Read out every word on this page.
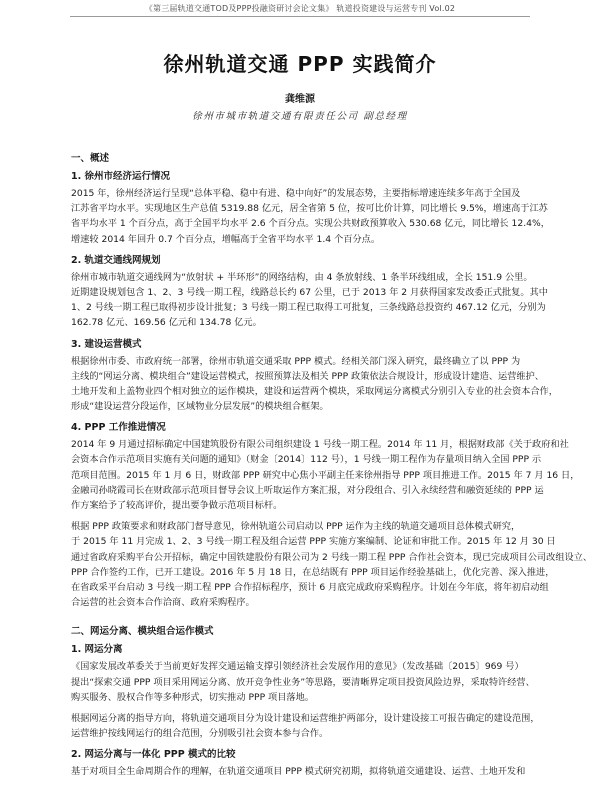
《第三届轨道交通TOD及PPP投融资研讨会论文集》 轨道投资建设与运营专刊 Vol.02
徐州轨道交通 PPP 实践简介
龚维源
徐州市城市轨道交通有限责任公司 副总经理
一、概述
1. 徐州市经济运行情况
2015 年，徐州经济运行呈现“总体平稳、稳中有进、稳中向好”的发展态势，主要指标增速连续多年高于全国及
江苏省平均水平。实现地区生产总值 5319.88 亿元，居全省第 5 位，按可比价计算，同比增长 9.5%，增速高于江苏
省平均水平 1 个百分点，高于全国平均水平 2.6 个百分点。实现公共财政预算收入 530.68 亿元，同比增长 12.4%，
增速较 2014 年回升 0.7 个百分点，增幅高于全省平均水平 1.4 个百分点。
2. 轨道交通线网规划
徐州市城市轨道交通线网为“放射状 + 半环形”的网络结构，由 4 条放射线、1 条半环线组成，全长 151.9 公里。
近期建设规划包含 1、2、3 号线一期工程，线路总长约 67 公里，已于 2013 年 2 月获得国家发改委正式批复。其中
1、2 号线一期工程已取得初步设计批复；3 号线一期工程已取得工可批复，三条线路总投资约 467.12 亿元，分别为
162.78 亿元、169.56 亿元和 134.78 亿元。
3. 建设运营模式
根据徐州市委、市政府统一部署，徐州市轨道交通采取 PPP 模式。经相关部门深入研究，最终确立了以 PPP 为
主线的“网运分离、模块组合”建设运营模式，按照预算法及相关 PPP 政策依法合规设计，形成设计建造、运营维护、
土地开发和上盖物业四个相对独立的运作模块，建设和运营两个模块，采取网运分离模式分别引入专业的社会资本合作，
形成“建设运营分段运作，区域物业分层发展”的模块组合框架。
4. PPP 工作推进情况
2014 年 9 月通过招标确定中国建筑股份有限公司组织建设 1 号线一期工程。2014 年 11 月，根据财政部《关于政府和社
会资本合作示范项目实施有关问题的通知》（财金〔2014〕112 号），1 号线一期工程作为存量项目纳入全国 PPP 示
范项目范围。2015 年 1 月 6 日，财政部 PPP 研究中心焦小平副主任来徐州指导 PPP 项目推进工作。2015 年 7 月 16 日，
金融司孙晓霞司长在财政部示范项目督导会议上听取运作方案汇报，对分段组合、引入永续经营和融资延续的 PPP 运
作方案给予了较高评价，提出要争做示范项目标杆。
根据 PPP 政策要求和财政部门督导意见，徐州轨道公司启动以 PPP 运作为主线的轨道交通项目总体模式研究，
于 2015 年 11 月完成 1、2、3 号线一期工程及组合运营 PPP 实施方案编制、论证和审批工作。2015 年 12 月 30 日
通过省政府采购平台公开招标，确定中国铁建股份有限公司为 2 号线一期工程 PPP 合作社会资本，现已完成项目公司改组设立、
PPP 合作签约工作，已开工建设。2016 年 5 月 18 日，在总结既有 PPP 项目运作经验基础上，优化完善、深入推进，
在省政采平台启动 3 号线一期工程 PPP 合作招标程序，预计 6 月底完成政府采购程序。计划在今年底，将年初启动组
合运营的社会资本合作洽商、政府采购程序。
二、网运分离、模块组合运作模式
1. 网运分离
《国家发展改革委关于当前更好发挥交通运输支撑引领经济社会发展作用的意见》（发改基础〔2015〕969 号）
提出“探索交通 PPP 项目采用网运分离、放开竞争性业务”等思路，要清晰界定项目投资风险边界，采取特许经营、
购买服务、股权合作等多种形式，切实推动 PPP 项目落地。
根据网运分离的指导方向，将轨道交通项目分为设计建设和运营维护两部分，设计建设接工可报告确定的建设范围，
运营维护按线网运行的组合范围，分别吸引社会资本参与合作。
2. 网运分离与一体化 PPP 模式的比较
基于对项目全生命周期合作的理解，在轨道交通项目 PPP 模式研究初期，拟将轨道交通建设、运营、土地开发和
